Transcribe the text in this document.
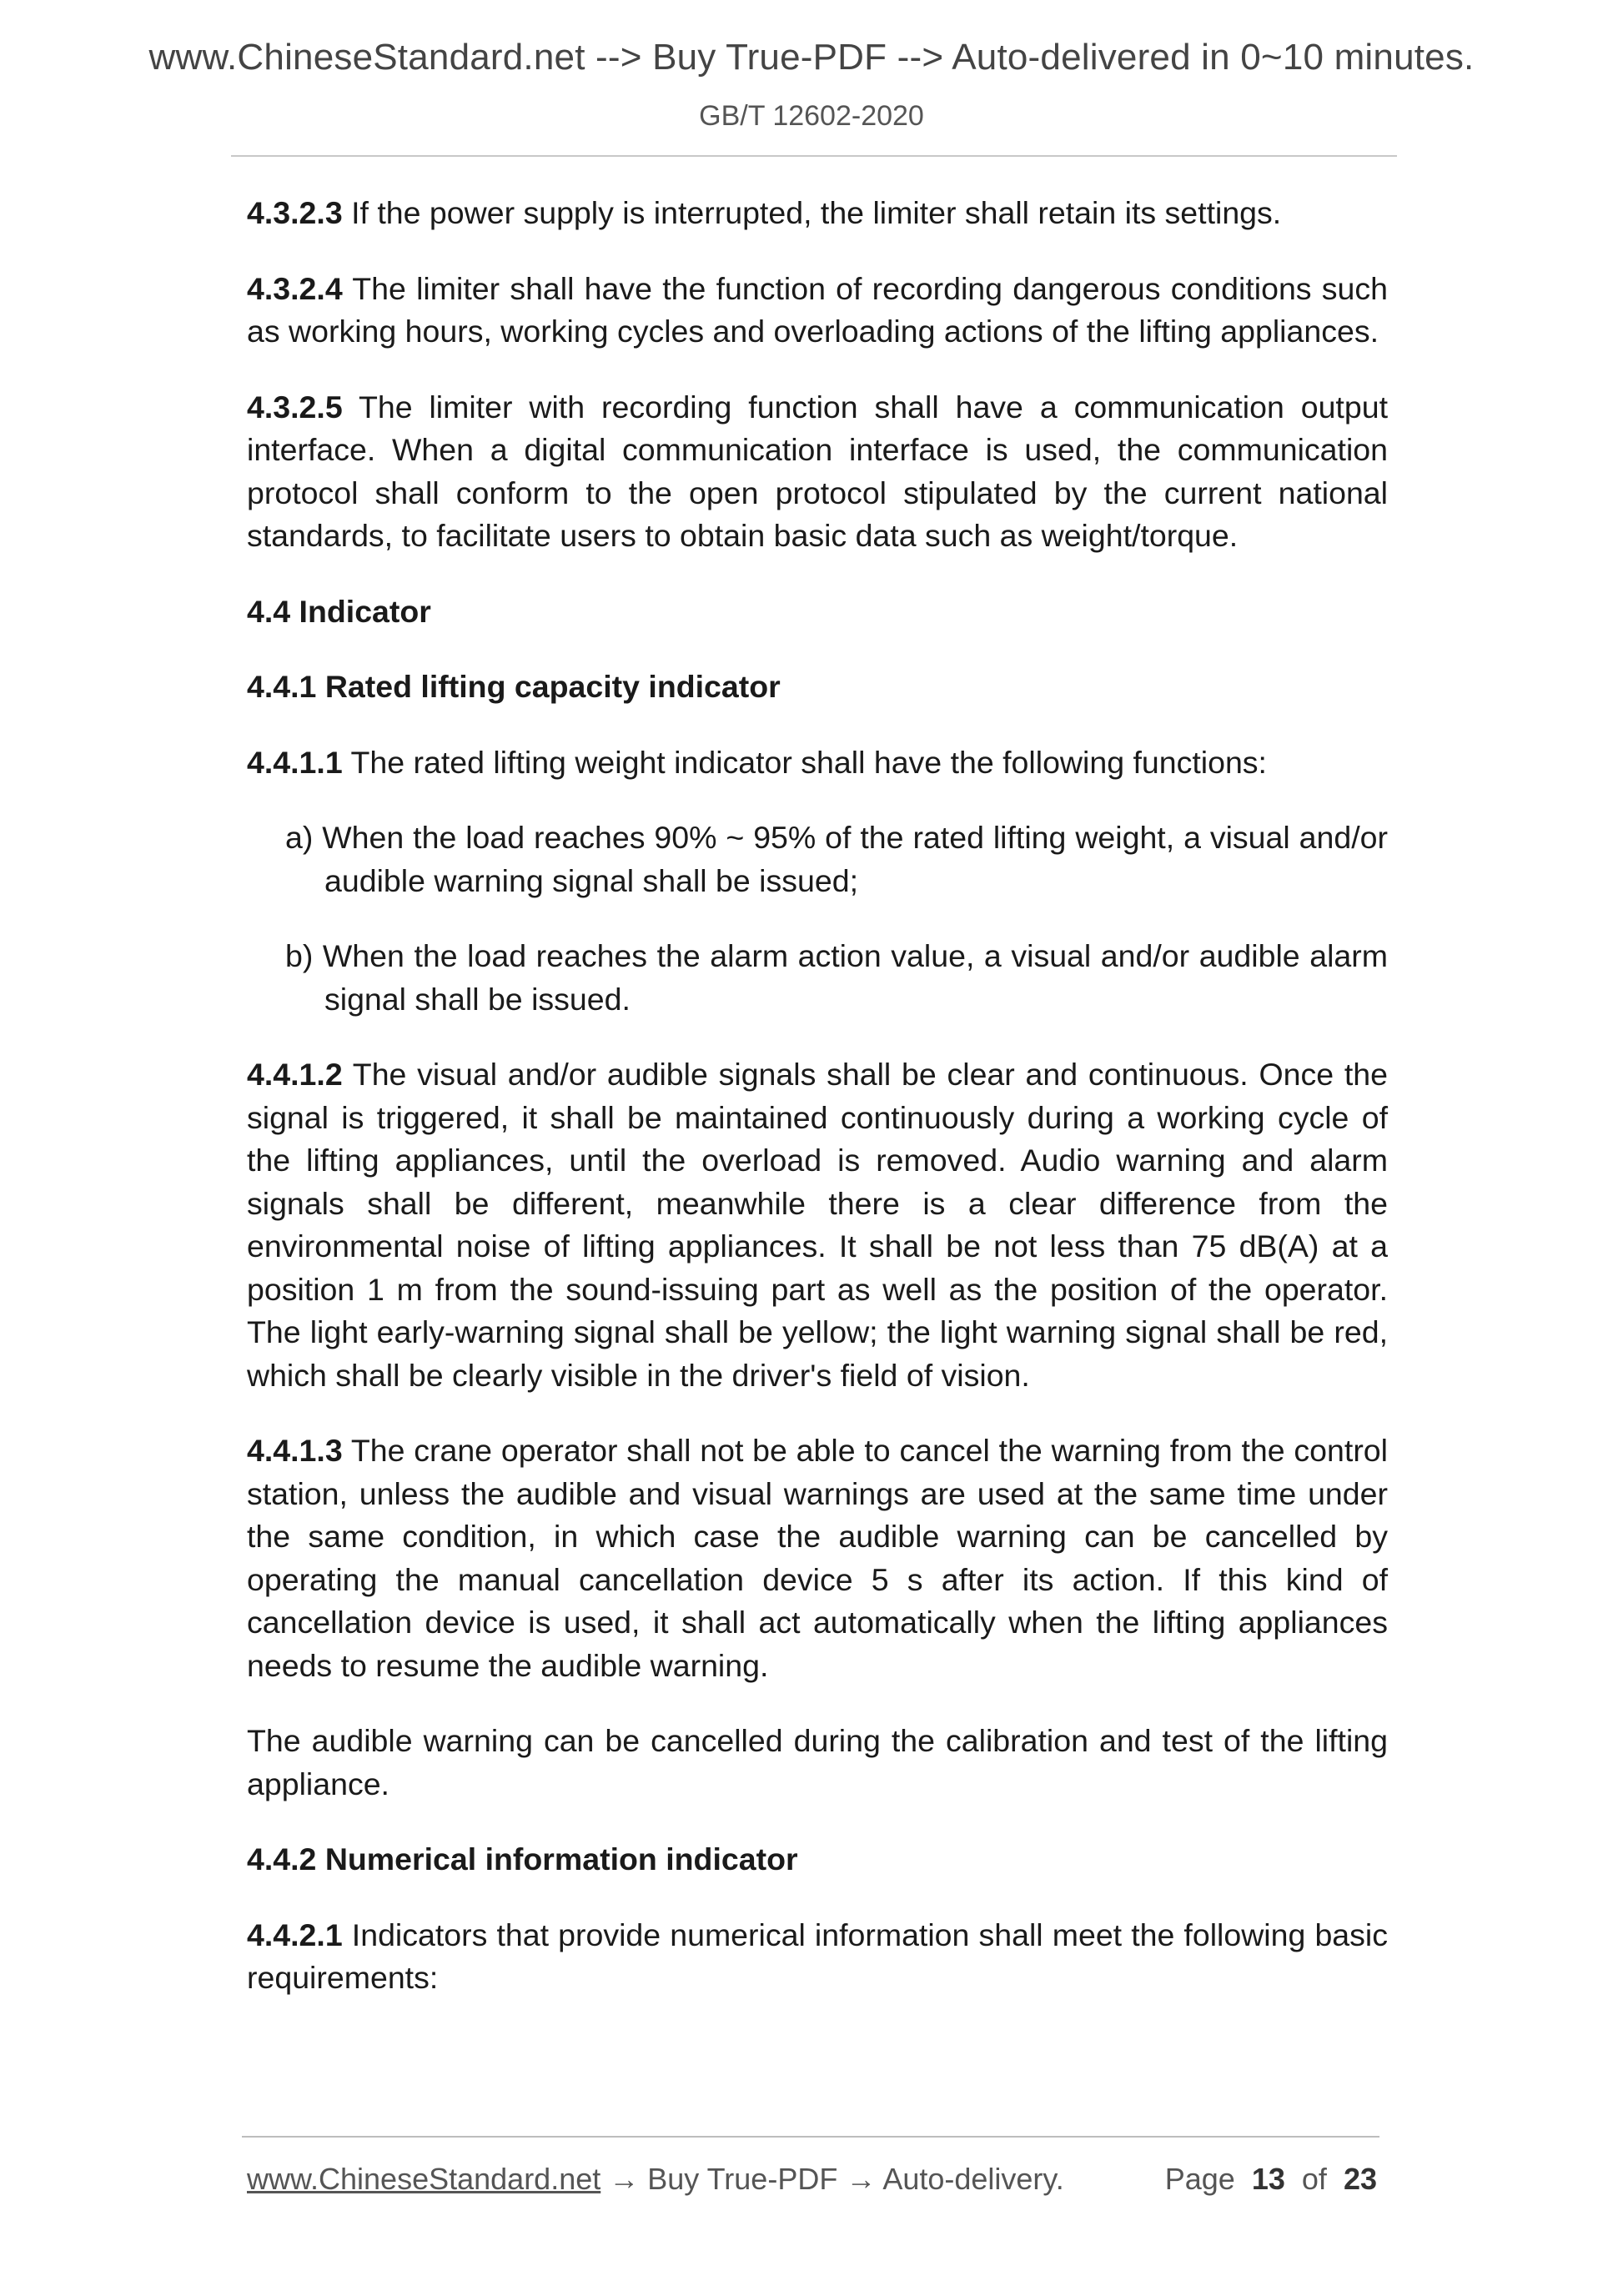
www.ChineseStandard.net --> Buy True-PDF --> Auto-delivered in 0~10 minutes.
GB/T 12602-2020

4.3.2.3 If the power supply is interrupted, the limiter shall retain its settings.

4.3.2.4 The limiter shall have the function of recording dangerous conditions such as working hours, working cycles and overloading actions of the lifting appliances.

4.3.2.5 The limiter with recording function shall have a communication output interface. When a digital communication interface is used, the communication protocol shall conform to the open protocol stipulated by the current national standards, to facilitate users to obtain basic data such as weight/torque.

4.4 Indicator
4.4.1 Rated lifting capacity indicator

4.4.1.1 The rated lifting weight indicator shall have the following functions:

a) When the load reaches 90% ~ 95% of the rated lifting weight, a visual and/or audible warning signal shall be issued;

b) When the load reaches the alarm action value, a visual and/or audible alarm signal shall be issued.

4.4.1.2 The visual and/or audible signals shall be clear and continuous. Once the signal is triggered, it shall be maintained continuously during a working cycle of the lifting appliances, until the overload is removed. Audio warning and alarm signals shall be different, meanwhile there is a clear difference from the environmental noise of lifting appliances. It shall be not less than 75 dB(A) at a position 1 m from the sound-issuing part as well as the position of the operator. The light early-warning signal shall be yellow; the light warning signal shall be red, which shall be clearly visible in the driver's field of vision.

4.4.1.3 The crane operator shall not be able to cancel the warning from the control station, unless the audible and visual warnings are used at the same time under the same condition, in which case the audible warning can be cancelled by operating the manual cancellation device 5 s after its action. If this kind of cancellation device is used, it shall act automatically when the lifting appliances needs to resume the audible warning.

The audible warning can be cancelled during the calibration and test of the lifting appliance.

4.4.2 Numerical information indicator

4.4.2.1 Indicators that provide numerical information shall meet the following basic requirements:

www.ChineseStandard.net → Buy True-PDF → Auto-delivery.	Page 13 of 23
